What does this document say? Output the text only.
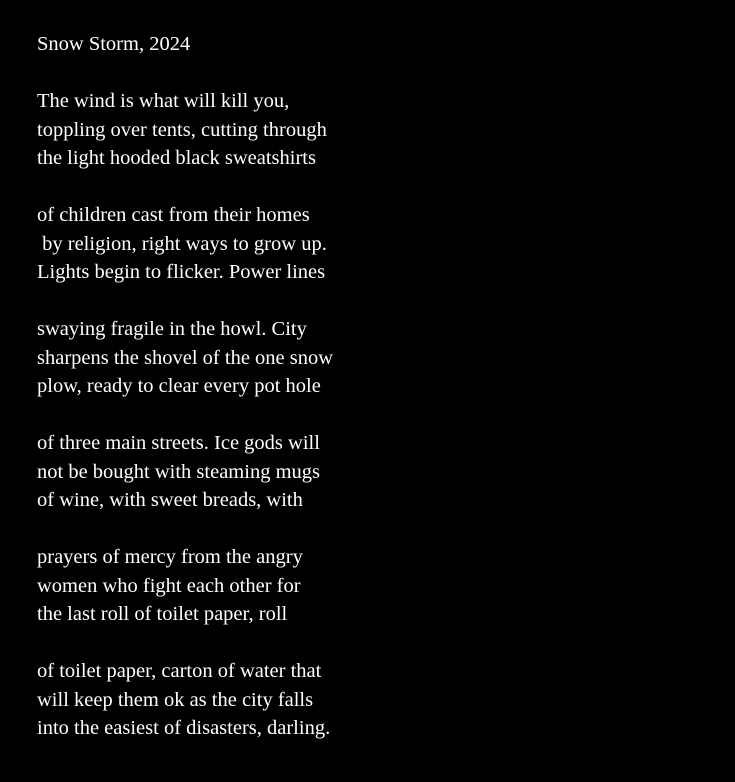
Snow Storm, 2024
The wind is what will kill you,
toppling over tents, cutting through
the light hooded black sweatshirts
of children cast from their homes
by religion, right ways to grow up.
Lights begin to flicker. Power lines
swaying fragile in the howl. City
sharpens the shovel of the one snow
plow, ready to clear every pot hole
of three main streets. Ice gods will
not be bought with steaming mugs
of wine, with sweet breads, with
prayers of mercy from the angry
women who fight each other for
the last roll of toilet paper, roll
of toilet paper, carton of water that
will keep them ok as the city falls
into the easiest of disasters, darling.
